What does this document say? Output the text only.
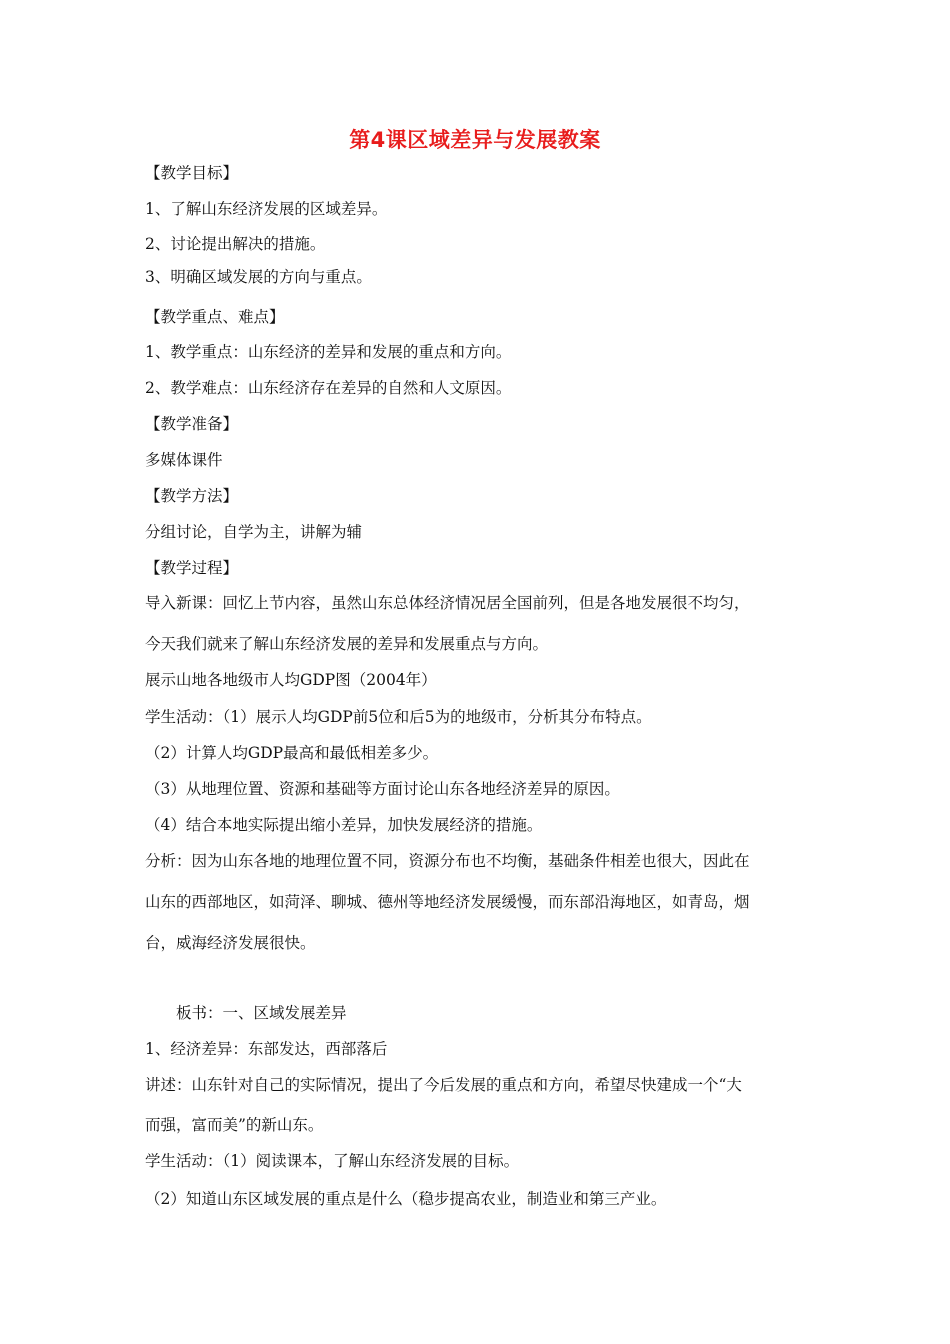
第4课区域差异与发展教案
【教学目标】
1、了解山东经济发展的区域差异。
2、讨论提出解决的措施。
3、明确区域发展的方向与重点。
【教学重点、难点】
1、教学重点：山东经济的差异和发展的重点和方向。
2、教学难点：山东经济存在差异的自然和人文原因。
【教学准备】
多媒体课件
【教学方法】
分组讨论，自学为主，讲解为辅
【教学过程】
导入新课：回忆上节内容，虽然山东总体经济情况居全国前列，但是各地发展很不均匀，
今天我们就来了解山东经济发展的差异和发展重点与方向。
展示山地各地级市人均GDP图（2004年）
学生活动：（1）展示人均GDP前5位和后5为的地级市，分析其分布特点。
（2）计算人均GDP最高和最低相差多少。
（3）从地理位置、资源和基础等方面讨论山东各地经济差异的原因。
（4）结合本地实际提出缩小差异，加快发展经济的措施。
分析：因为山东各地的地理位置不同，资源分布也不均衡，基础条件相差也很大，因此在
山东的西部地区，如菏泽、聊城、德州等地经济发展缓慢，而东部沿海地区，如青岛，烟
台，威海经济发展很快。
板书：一、区域发展差异
1、经济差异：东部发达，西部落后
讲述：山东针对自己的实际情况，提出了今后发展的重点和方向，希望尽快建成一个“大
而强，富而美”的新山东。
学生活动：（1）阅读课本，了解山东经济发展的目标。
（2）知道山东区域发展的重点是什么（稳步提高农业，制造业和第三产业。
